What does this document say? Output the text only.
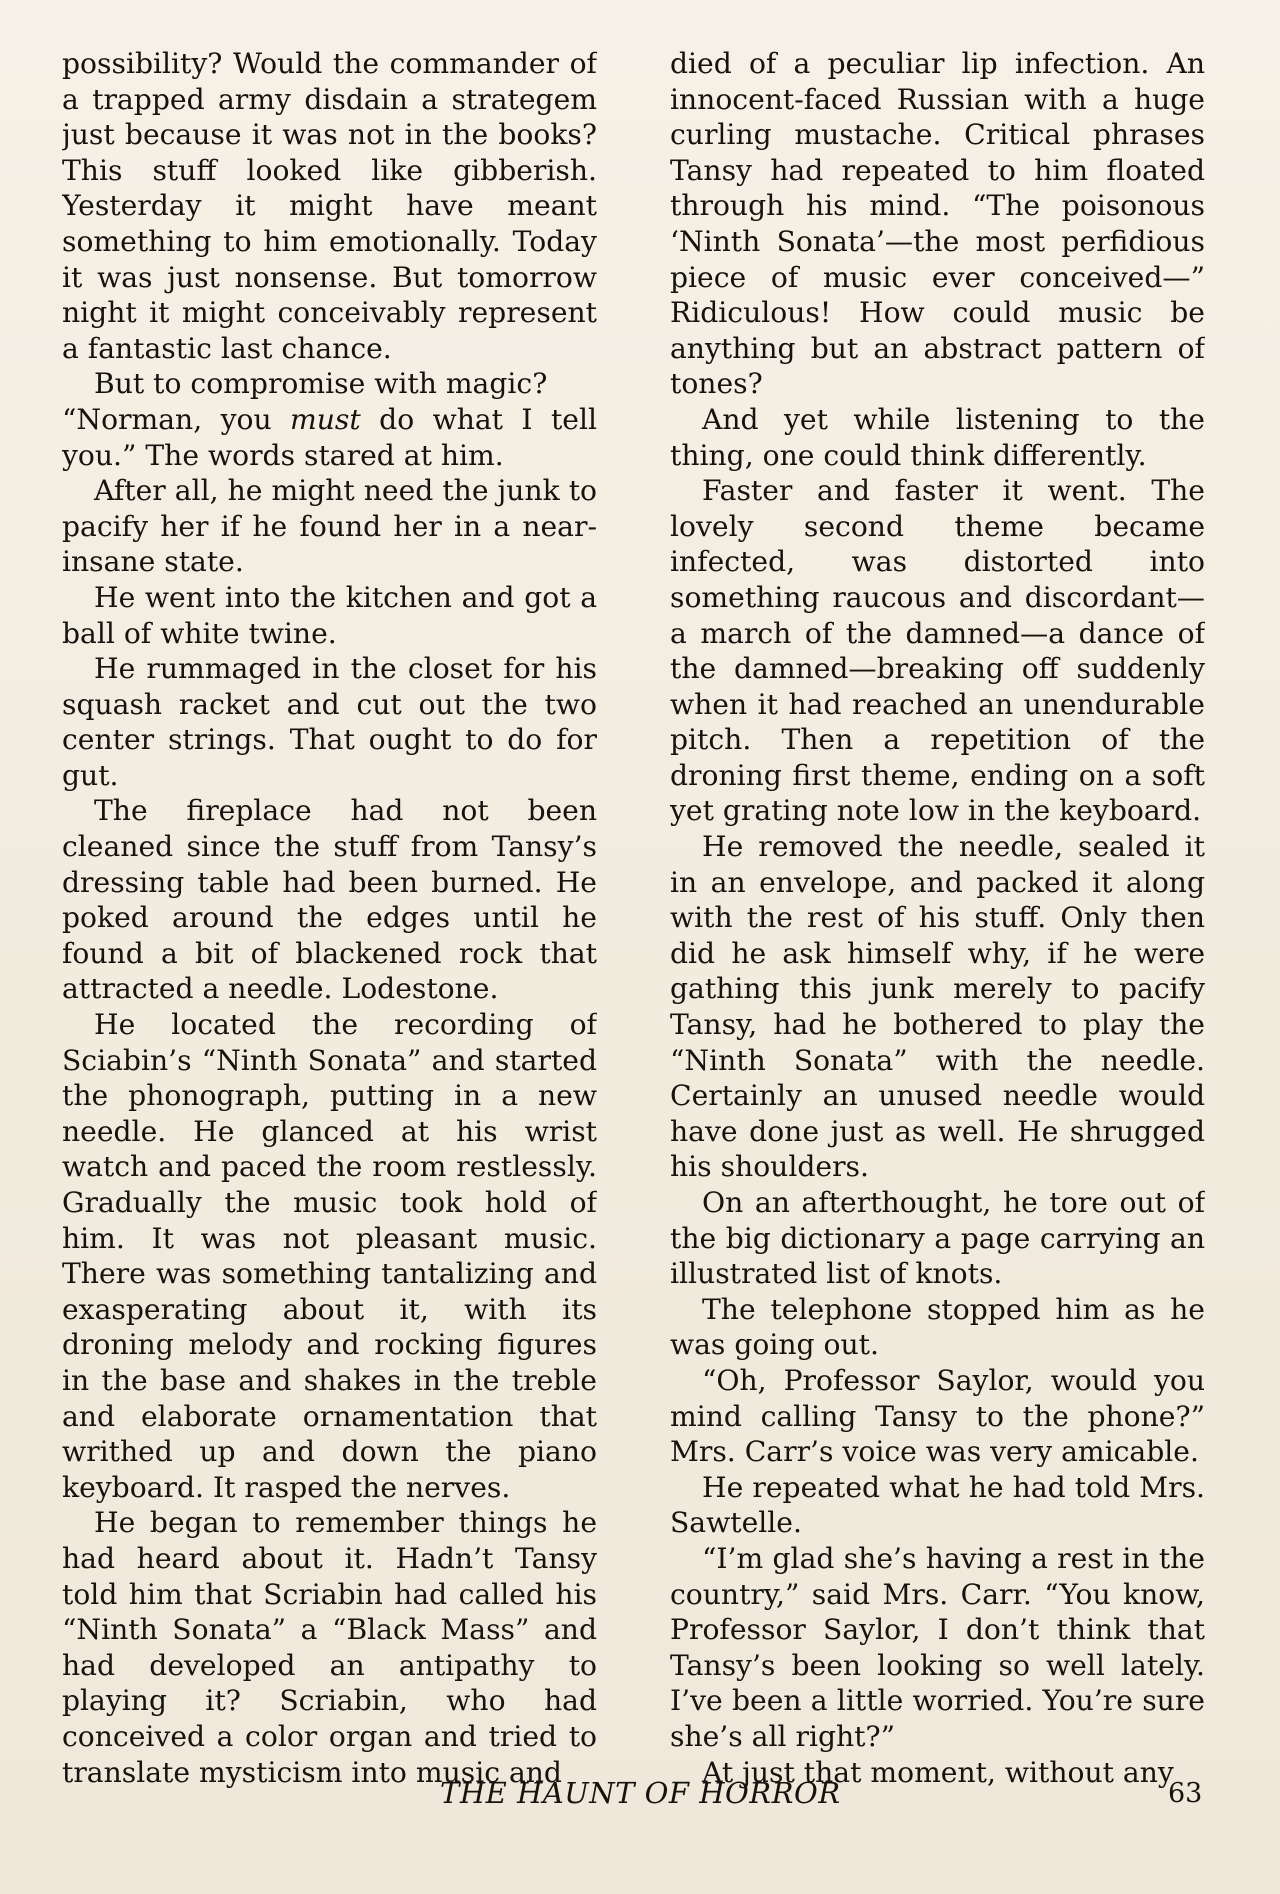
possibility? Would the commander of a trapped army disdain a strategem just because it was not in the books? This stuff looked like gibberish. Yesterday it might have meant something to him emotionally. Today it was just nonsense. But tomorrow night it might conceivably represent a fantastic last chance.

But to compromise with magic?

“Norman, you must do what I tell you.” The words stared at him.

After all, he might need the junk to pacify her if he found her in a near-insane state.

He went into the kitchen and got a ball of white twine.

He rummaged in the closet for his squash racket and cut out the two center strings. That ought to do for gut.

The fireplace had not been cleaned since the stuff from Tansy’s dressing table had been burned. He poked around the edges until he found a bit of blackened rock that attracted a needle. Lodestone.

He located the recording of Sciabin’s “Ninth Sonata” and started the phonograph, putting in a new needle. He glanced at his wrist watch and paced the room restlessly. Gradually the music took hold of him. It was not pleasant music. There was something tantalizing and exasperating about it, with its droning melody and rocking figures in the base and shakes in the treble and elaborate ornamentation that writhed up and down the piano keyboard. It rasped the nerves.

He began to remember things he had heard about it. Hadn’t Tansy told him that Scriabin had called his “Ninth Sonata” a “Black Mass” and had developed an antipathy to playing it? Scriabin, who had conceived a color organ and tried to translate mysticism into music and

died of a peculiar lip infection. An innocent-faced Russian with a huge curling mustache. Critical phrases Tansy had repeated to him floated through his mind. “The poisonous ‘Ninth Sonata’—the most perfidious piece of music ever conceived—” Ridiculous! How could music be anything but an abstract pattern of tones?

And yet while listening to the thing, one could think differently.

Faster and faster it went. The lovely second theme became infected, was distorted into something raucous and discordant—a march of the damned—a dance of the damned—breaking off suddenly when it had reached an unendurable pitch. Then a repetition of the droning first theme, ending on a soft yet grating note low in the keyboard.

He removed the needle, sealed it in an envelope, and packed it along with the rest of his stuff. Only then did he ask himself why, if he were gathing this junk merely to pacify Tansy, had he bothered to play the “Ninth Sonata” with the needle. Certainly an unused needle would have done just as well. He shrugged his shoulders.

On an afterthought, he tore out of the big dictionary a page carrying an illustrated list of knots.

The telephone stopped him as he was going out.

“Oh, Professor Saylor, would you mind calling Tansy to the phone?” Mrs. Carr’s voice was very amicable.

He repeated what he had told Mrs. Sawtelle.

“I’m glad she’s having a rest in the country,” said Mrs. Carr. “You know, Professor Saylor, I don’t think that Tansy’s been looking so well lately. I’ve been a little worried. You’re sure she’s all right?”

At just that moment, without any

THE HAUNT OF HORROR	63
